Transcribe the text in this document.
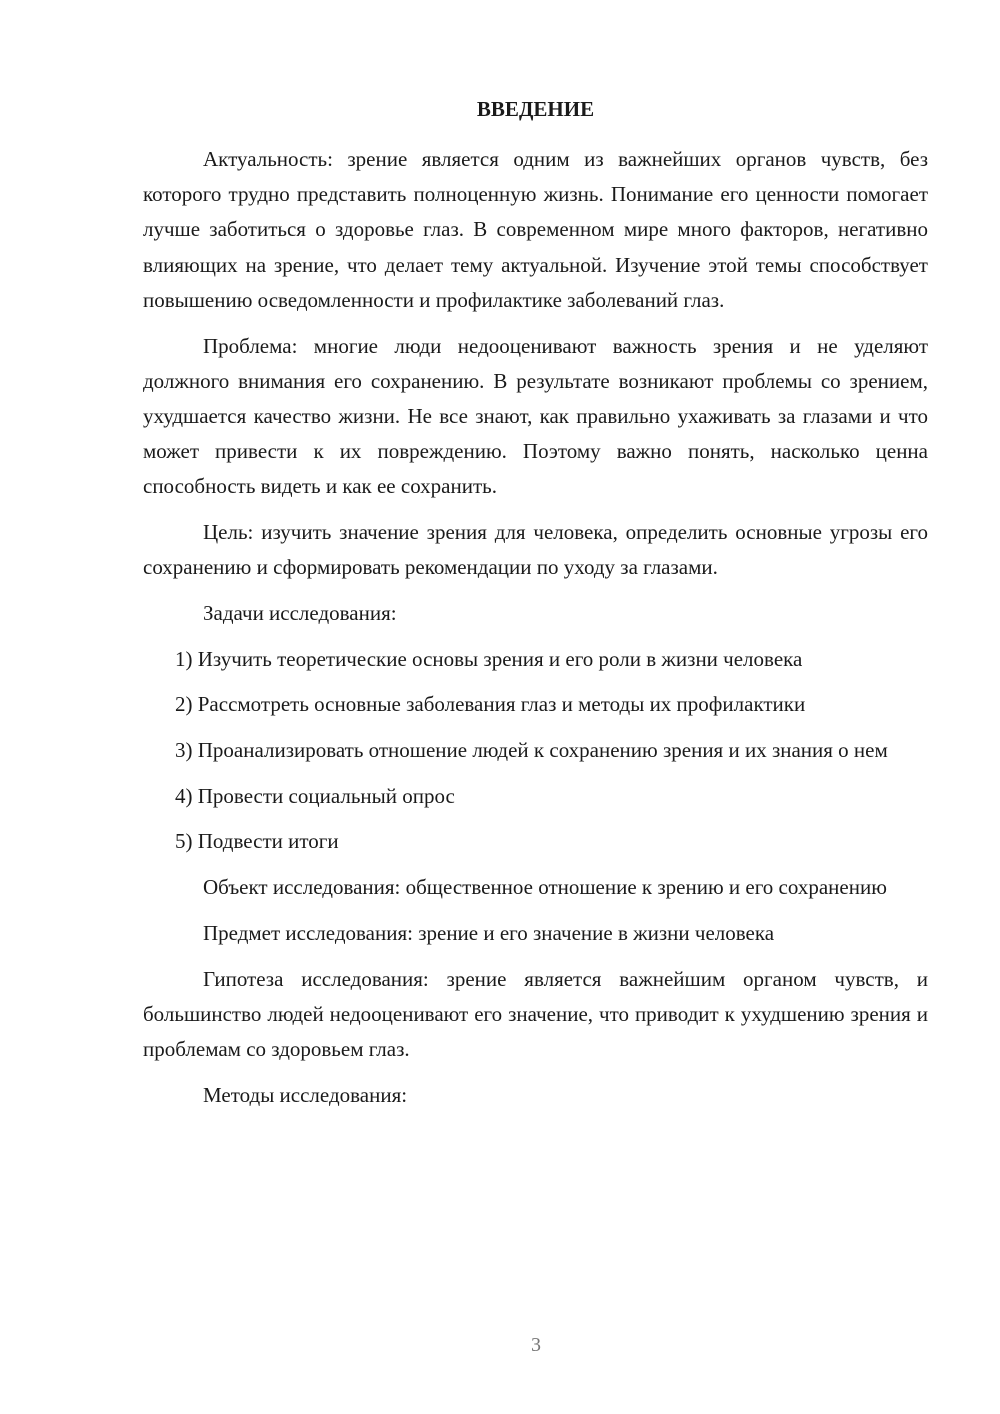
ВВЕДЕНИЕ

Актуальность: зрение является одним из важнейших органов чувств, без которого трудно представить полноценную жизнь. Понимание его ценности помогает лучше заботиться о здоровье глаз. В современном мире много факторов, негативно влияющих на зрение, что делает тему актуальной. Изучение этой темы способствует повышению осведомленности и профилактике заболеваний глаз.

Проблема: многие люди недооценивают важность зрения и не уделяют должного внимания его сохранению. В результате возникают проблемы со зрением, ухудшается качество жизни. Не все знают, как правильно ухаживать за глазами и что может привести к их повреждению. Поэтому важно понять, насколько ценна способность видеть и как ее сохранить.

Цель: изучить значение зрения для человека, определить основные угрозы его сохранению и сформировать рекомендации по уходу за глазами.

Задачи исследования:

1) Изучить теоретические основы зрения и его роли в жизни человека

2) Рассмотреть основные заболевания глаз и методы их профилактики

3) Проанализировать отношение людей к сохранению зрения и их знания о нем

4) Провести социальный опрос

5) Подвести итоги

Объект исследования: общественное отношение к зрению и его сохранению

Предмет исследования: зрение и его значение в жизни человека

Гипотеза исследования: зрение является важнейшим органом чувств, и большинство людей недооценивают его значение, что приводит к ухудшению зрения и проблемам со здоровьем глаз.

Методы исследования:

3
